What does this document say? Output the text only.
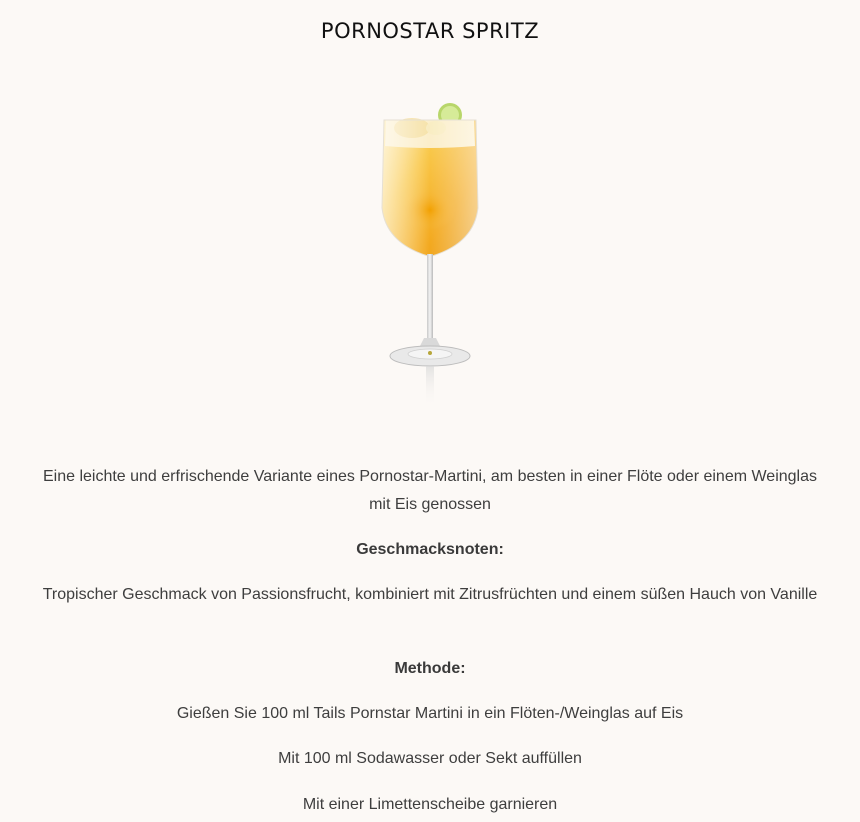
PORNOSTAR SPRITZ

Eine leichte und erfrischende Variante eines Pornostar-Martini, am besten in einer Flöte oder einem Weinglas mit Eis genossen

Geschmacksnoten:

Tropischer Geschmack von Passionsfrucht, kombiniert mit Zitrusfrüchten und einem süßen Hauch von Vanille

Methode:

Gießen Sie 100 ml Tails Pornstar Martini in ein Flöten-/Weinglas auf Eis

Mit 100 ml Sodawasser oder Sekt auffüllen

Mit einer Limettenscheibe garnieren
